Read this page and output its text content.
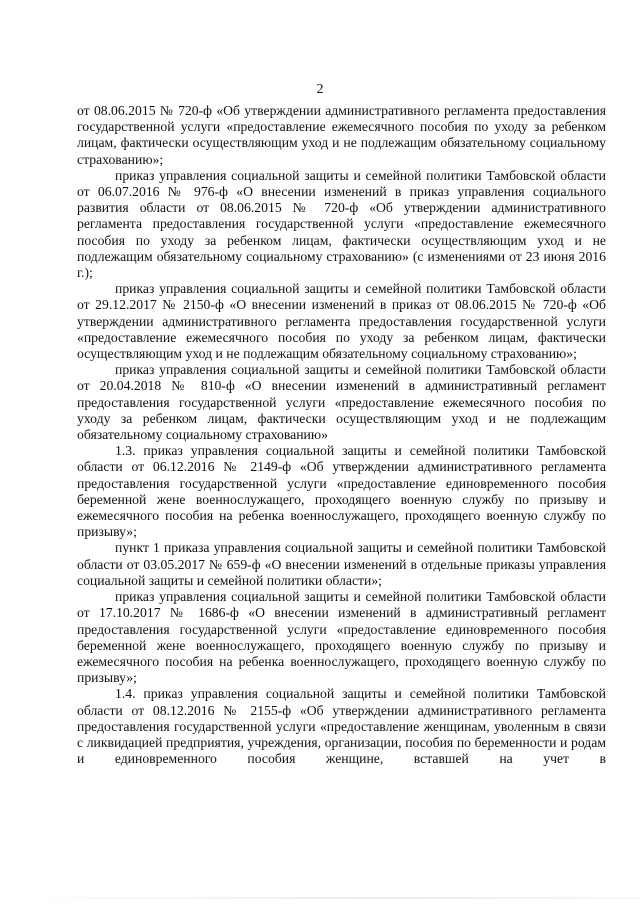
2

от 08.06.2015 № 720-ф «Об утверждении административного регламента предоставления государственной услуги «предоставление ежемесячного пособия по уходу за ребенком лицам, фактически осуществляющим уход и не подлежащим обязательному социальному страхованию»;

приказ управления социальной защиты и семейной политики Тамбовской области от 06.07.2016 № 976-ф «О внесении изменений в приказ управления социального развития области от 08.06.2015 № 720-ф «Об утверждении административного регламента предоставления государственной услуги «предоставление ежемесячного пособия по уходу за ребенком лицам, фактически осуществляющим уход и не подлежащим обязательному социальному страхованию» (с изменениями от 23 июня 2016 г.);

приказ управления социальной защиты и семейной политики Тамбовской области от 29.12.2017 № 2150-ф «О внесении изменений в приказ от 08.06.2015 № 720-ф «Об утверждении административного регламента предоставления государственной услуги «предоставление ежемесячного пособия по уходу за ребенком лицам, фактически осуществляющим уход и не подлежащим обязательному социальному страхованию»;

приказ управления социальной защиты и семейной политики Тамбовской области от 20.04.2018 № 810-ф «О внесении изменений в административный регламент предоставления государственной услуги «предоставление ежемесячного пособия по уходу за ребенком лицам, фактически осуществляющим уход и не подлежащим обязательному социальному страхованию»

1.3. приказ управления социальной защиты и семейной политики Тамбовской области от 06.12.2016 № 2149-ф «Об утверждении административного регламента предоставления государственной услуги «предоставление единовременного пособия беременной жене военнослужащего, проходящего военную службу по призыву и ежемесячного пособия на ребенка военнослужащего, проходящего военную службу по призыву»;

пункт 1 приказа управления социальной защиты и семейной политики Тамбовской области от 03.05.2017 № 659-ф «О внесении изменений в отдельные приказы управления социальной защиты и семейной политики области»;

приказ управления социальной защиты и семейной политики Тамбовской области от 17.10.2017 № 1686-ф «О внесении изменений в административный регламент предоставления государственной услуги «предоставление единовременного пособия беременной жене военнослужащего, проходящего военную службу по призыву и ежемесячного пособия на ребенка военнослужащего, проходящего военную службу по призыву»;

1.4. приказ управления социальной защиты и семейной политики Тамбовской области от 08.12.2016 № 2155-ф «Об утверждении административного регламента предоставления государственной услуги «предоставление женщинам, уволенным в связи с ликвидацией предприятия, учреждения, организации, пособия по беременности и родам и единовременного пособия женщине, вставшей на учет в
